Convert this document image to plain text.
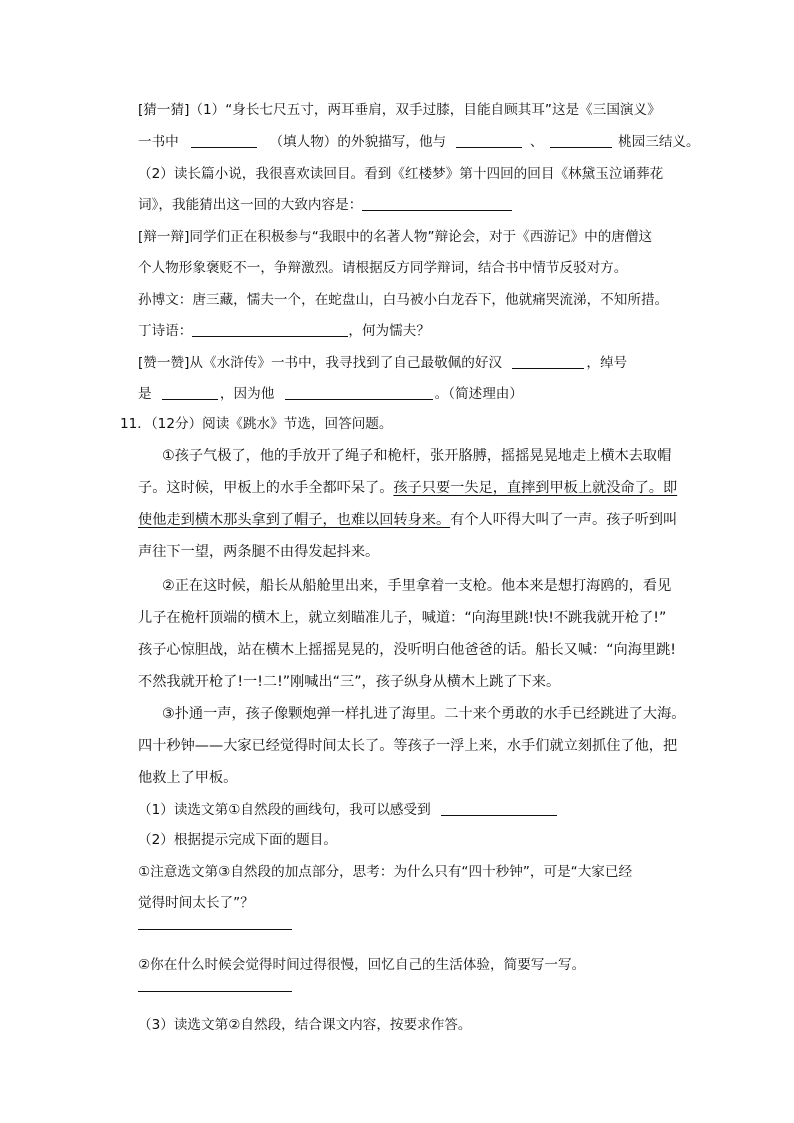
[猜一猜]（1）“身长七尺五寸，两耳垂肩，双手过膝，目能自顾其耳”这是《三国演义》
一书中	（填人物）的外貌描写，他与	、	桃园三结义。
（2）读长篇小说，我很喜欢读回目。看到《红楼梦》第十四回的回目《林黛玉泣诵葬花
词》，我能猜出这一回的大致内容是：
[辩一辩]同学们正在积极参与“我眼中的名著人物”辩论会，对于《西游记》中的唐僧这
个人物形象褒贬不一，争辩激烈。请根据反方同学辩词，结合书中情节反驳对方。
孙博文：唐三藏，懦夫一个，在蛇盘山，白马被小白龙吞下，他就痛哭流涕，不知所措。
丁诗语：	，何为懦夫？
[赞一赞]从《水浒传》一书中，我寻找到了自己最敬佩的好汉	，绰号
是	，因为他	。（简述理由）
11．（12分）阅读《跳水》节选，回答问题。
①孩子气极了，他的手放开了绳子和桅杆，张开胳膊，摇摇晃晃地走上横木去取帽
子。这时候，甲板上的水手全都吓呆了。孩子只要一失足，直摔到甲板上就没命了。即
使他走到横木那头拿到了帽子，也难以回转身来。有个人吓得大叫了一声。孩子听到叫
声往下一望，两条腿不由得发起抖来。
②正在这时候，船长从船舱里出来，手里拿着一支枪。他本来是想打海鸥的，看见
儿子在桅杆顶端的横木上，就立刻瞄准儿子，喊道：“向海里跳!快!不跳我就开枪了!”
孩子心惊胆战，站在横木上摇摇晃晃的，没听明白他爸爸的话。船长又喊：“向海里跳!
不然我就开枪了!一!二!”刚喊出“三”，孩子纵身从横木上跳了下来。
③扑通一声，孩子像颗炮弹一样扎进了海里。二十来个勇敢的水手已经跳进了大海。
四十秒钟——大家已经觉得时间太长了。等孩子一浮上来，水手们就立刻抓住了他，把
他救上了甲板。
（1）读选文第①自然段的画线句，我可以感受到
（2）根据提示完成下面的题目。
①注意选文第③自然段的加点部分，思考：为什么只有“四十秒钟”，可是“大家已经
觉得时间太长了”？
②你在什么时候会觉得时间过得很慢，回忆自己的生活体验，简要写一写。
（3）读选文第②自然段，结合课文内容，按要求作答。
